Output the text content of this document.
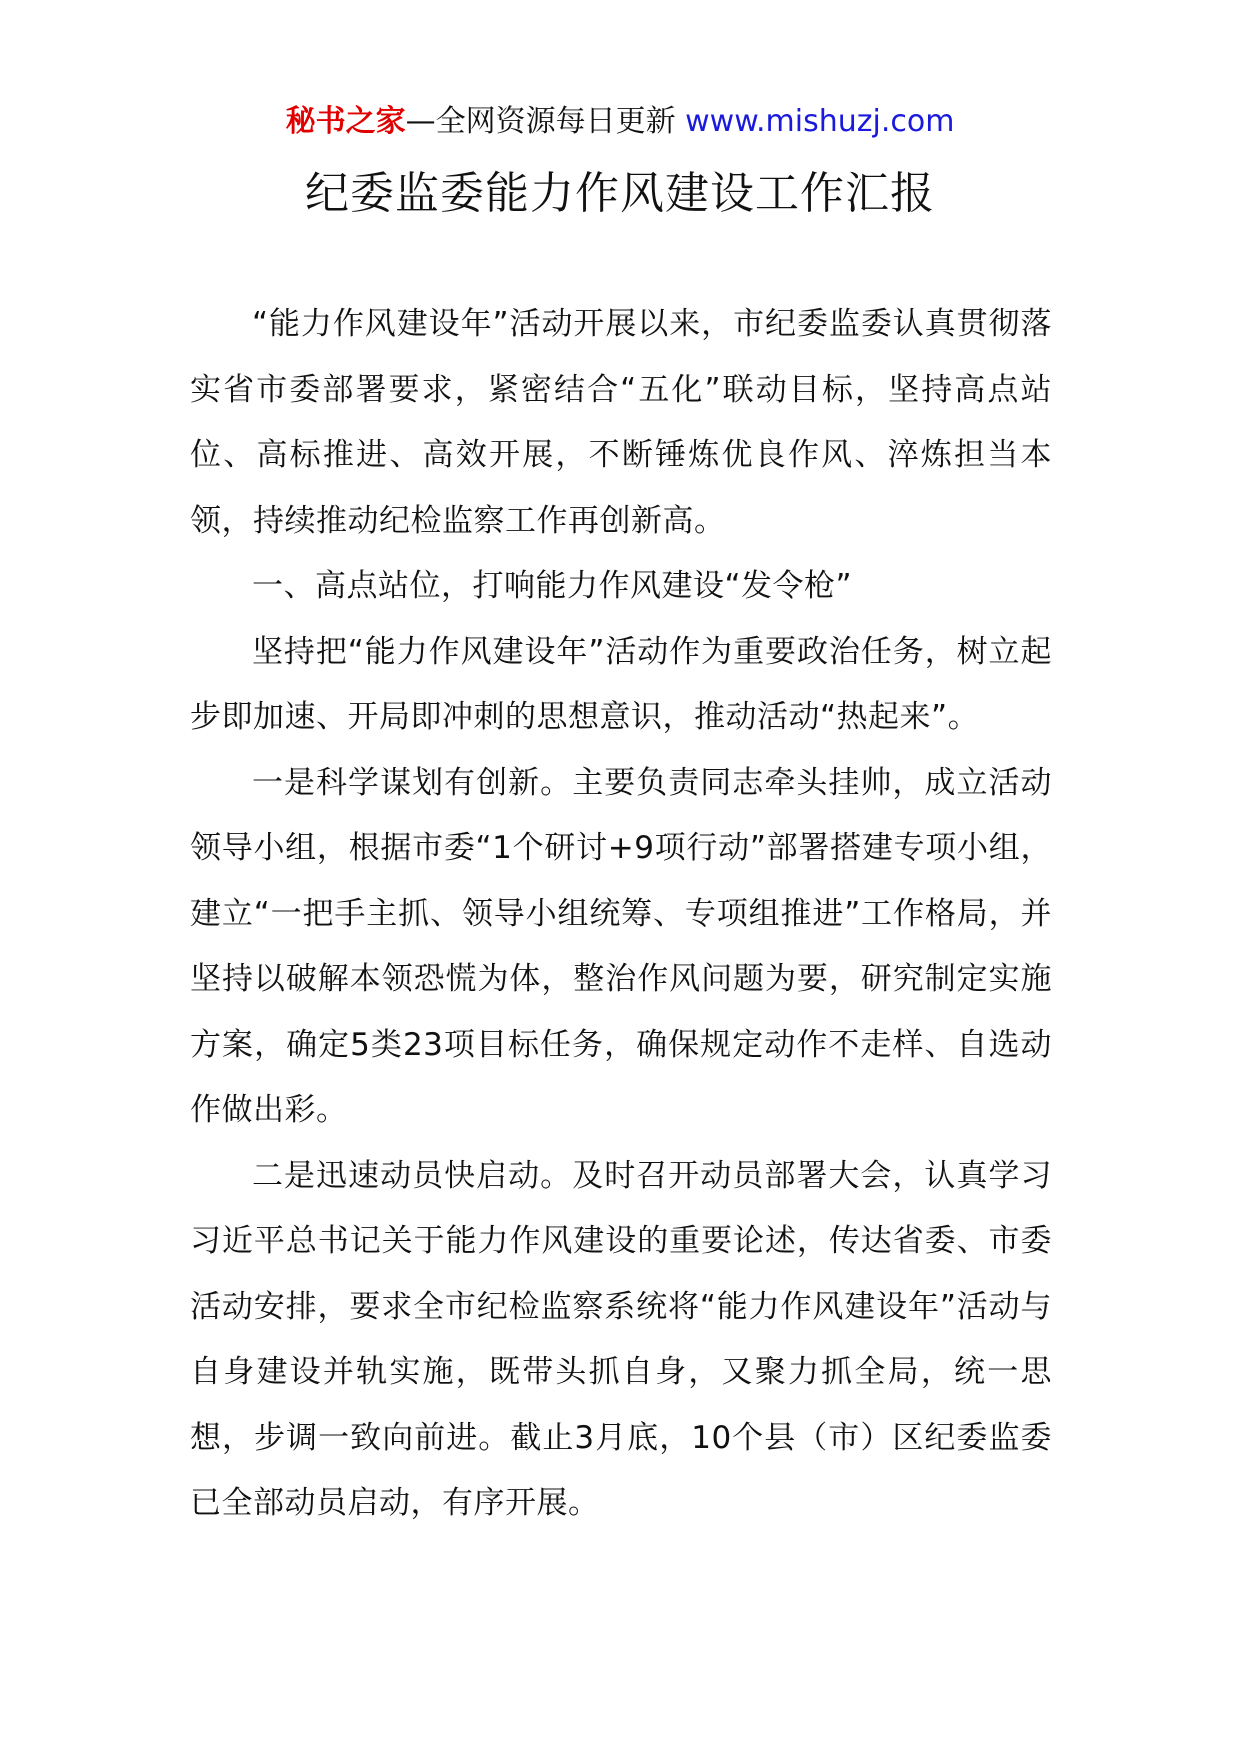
秘书之家—全网资源每日更新 www.mishuzj.com
纪委监委能力作风建设工作汇报

“能力作风建设年”活动开展以来，市纪委监委认真贯彻落实省市委部署要求，紧密结合“五化”联动目标，坚持高点站位、高标推进、高效开展，不断锤炼优良作风、淬炼担当本领，持续推动纪检监察工作再创新高。

一、高点站位，打响能力作风建设“发令枪”

坚持把“能力作风建设年”活动作为重要政治任务，树立起步即加速、开局即冲刺的思想意识，推动活动“热起来”。

一是科学谋划有创新。主要负责同志牵头挂帅，成立活动领导小组，根据市委“1个研讨+9项行动”部署搭建专项小组，建立“一把手主抓、领导小组统筹、专项组推进”工作格局，并坚持以破解本领恐慌为体，整治作风问题为要，研究制定实施方案，确定5类23项目标任务，确保规定动作不走样、自选动作做出彩。

二是迅速动员快启动。及时召开动员部署大会，认真学习习近平总书记关于能力作风建设的重要论述，传达省委、市委活动安排，要求全市纪检监察系统将“能力作风建设年”活动与自身建设并轨实施，既带头抓自身，又聚力抓全局，统一思想，步调一致向前进。截止3月底，10个县（市）区纪委监委已全部动员启动，有序开展。
